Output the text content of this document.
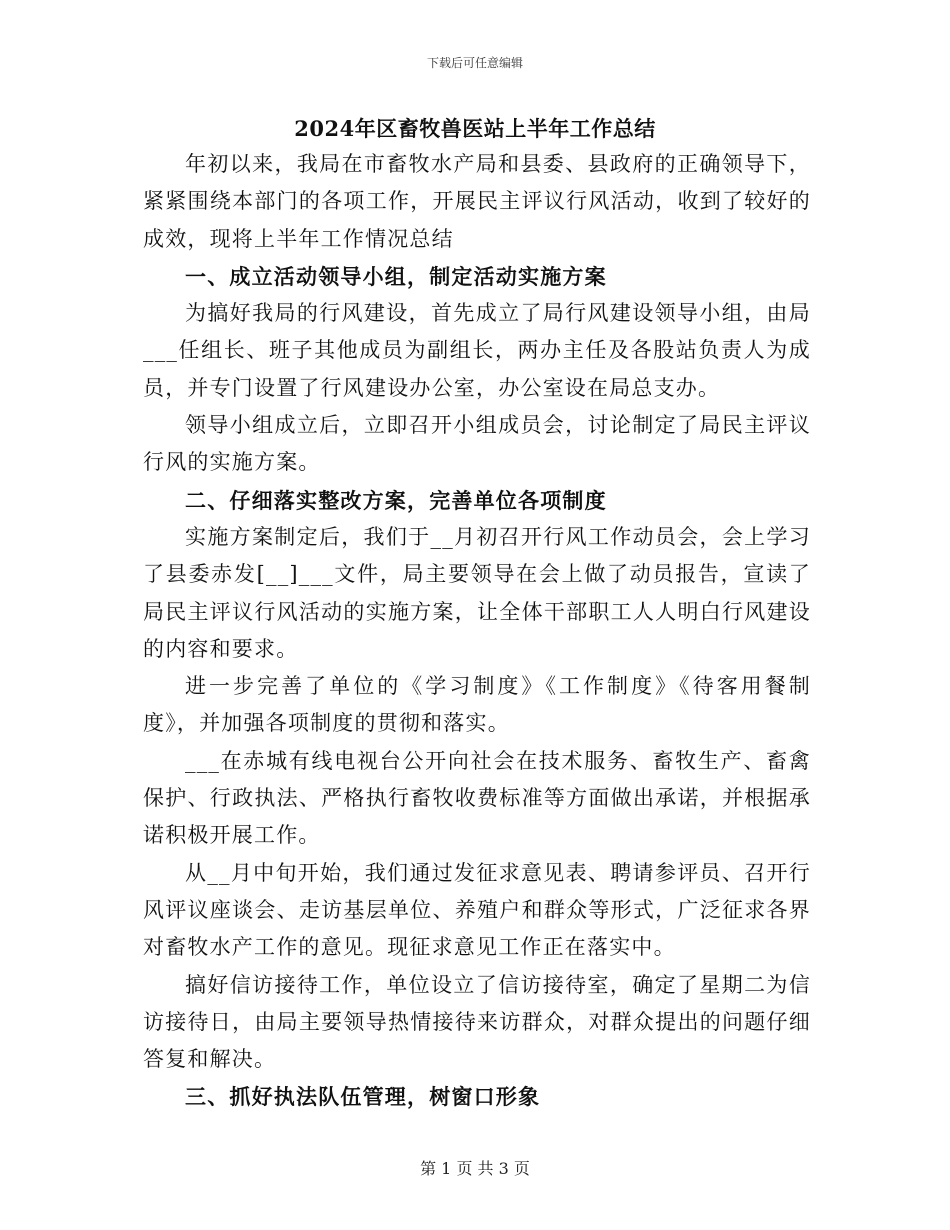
下载后可任意编辑
2024年区畜牧兽医站上半年工作总结

年初以来，我局在市畜牧水产局和县委、县政府的正确领导下，紧紧围绕本部门的各项工作，开展民主评议行风活动，收到了较好的成效，现将上半年工作情况总结

一、成立活动领导小组，制定活动实施方案

为搞好我局的行风建设，首先成立了局行风建设领导小组，由局___任组长、班子其他成员为副组长，两办主任及各股站负责人为成员，并专门设置了行风建设办公室，办公室设在局总支办。

领导小组成立后，立即召开小组成员会，讨论制定了局民主评议行风的实施方案。

二、仔细落实整改方案，完善单位各项制度

实施方案制定后，我们于__月初召开行风工作动员会，会上学习了县委赤发[__]___文件，局主要领导在会上做了动员报告，宣读了局民主评议行风活动的实施方案，让全体干部职工人人明白行风建设的内容和要求。

进一步完善了单位的《学习制度》《工作制度》《待客用餐制度》，并加强各项制度的贯彻和落实。

___在赤城有线电视台公开向社会在技术服务、畜牧生产、畜禽保护、行政执法、严格执行畜牧收费标准等方面做出承诺，并根据承诺积极开展工作。

从__月中旬开始，我们通过发征求意见表、聘请参评员、召开行风评议座谈会、走访基层单位、养殖户和群众等形式，广泛征求各界对畜牧水产工作的意见。现征求意见工作正在落实中。

搞好信访接待工作，单位设立了信访接待室，确定了星期二为信访接待日，由局主要领导热情接待来访群众，对群众提出的问题仔细答复和解决。

三、抓好执法队伍管理，树窗口形象

第 1 页 共 3 页
